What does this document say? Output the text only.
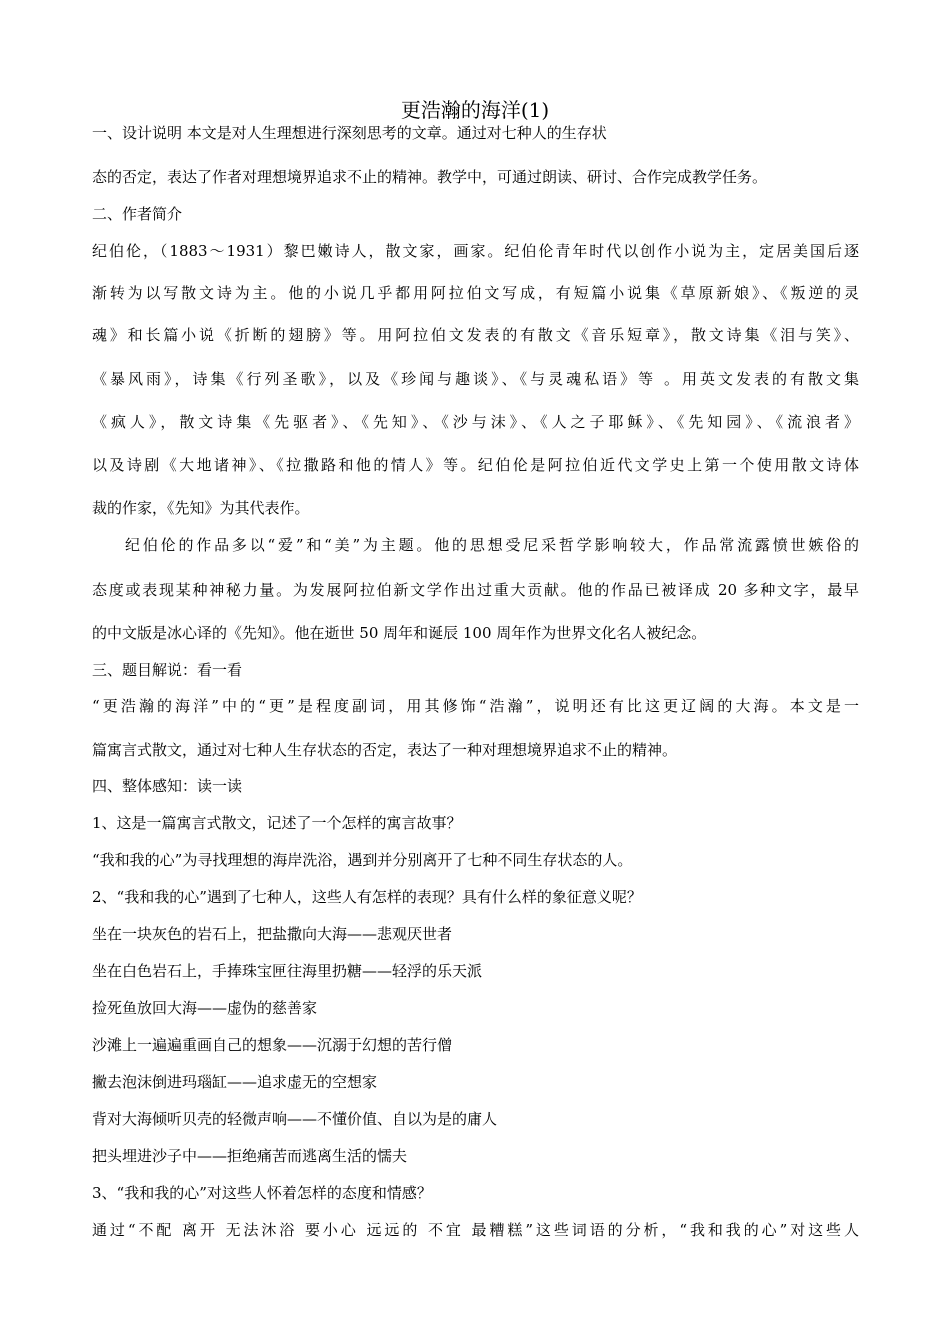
更浩瀚的海洋(1)
一、设计说明 本文是对人生理想进行深刻思考的文章。通过对七种人的生存状
态的否定，表达了作者对理想境界追求不止的精神。教学中，可通过朗读、研讨、合作完成教学任务。
二、作者简介
纪伯伦，（1883～1931）黎巴嫩诗人，散文家，画家。纪伯伦青年时代以创作小说为主，定居美国后逐
渐转为以写散文诗为主。他的小说几乎都用阿拉伯文写成，有短篇小说集《草原新娘》、《叛逆的灵
魂》和长篇小说《折断的翅膀》等。用阿拉伯文发表的有散文《音乐短章》，散文诗集《泪与笑》、
《暴风雨》，诗集《行列圣歌》，以及《珍闻与趣谈》、《与灵魂私语》等 。用英文发表的有散文集
《疯人》，散文诗集《先驱者》、《先知》、《沙与沫》、《人之子耶稣》、《先知园》、《流浪者》
以及诗剧《大地诸神》、《拉撒路和他的情人》等。纪伯伦是阿拉伯近代文学史上第一个使用散文诗体
裁的作家，《先知》为其代表作。
纪伯伦的作品多以“爱”和“美”为主题。他的思想受尼采哲学影响较大，作品常流露愤世嫉俗的
态度或表现某种神秘力量。为发展阿拉伯新文学作出过重大贡献。他的作品已被译成 20 多种文字，最早
的中文版是冰心译的《先知》。他在逝世 50 周年和诞辰 100 周年作为世界文化名人被纪念。
三、题目解说：看一看
“更浩瀚的海洋”中的“更”是程度副词，用其修饰“浩瀚”，说明还有比这更辽阔的大海。本文是一
篇寓言式散文，通过对七种人生存状态的否定，表达了一种对理想境界追求不止的精神。
四、整体感知：读一读
1、这是一篇寓言式散文，记述了一个怎样的寓言故事？
“我和我的心”为寻找理想的海岸洗浴，遇到并分别离开了七种不同生存状态的人。
2、“我和我的心”遇到了七种人，这些人有怎样的表现？具有什么样的象征意义呢？
坐在一块灰色的岩石上，把盐撒向大海——悲观厌世者
坐在白色岩石上，手捧珠宝匣往海里扔糖——轻浮的乐天派
捡死鱼放回大海——虚伪的慈善家
沙滩上一遍遍重画自己的想象——沉溺于幻想的苦行僧
撇去泡沫倒进玛瑙缸——追求虚无的空想家
背对大海倾听贝壳的轻微声响——不懂价值、自以为是的庸人
把头埋进沙子中——拒绝痛苦而逃离生活的懦夫
3、“我和我的心”对这些人怀着怎样的态度和情感？
通过“不配 离开 无法沐浴 要小心 远远的 不宜 最糟糕”这些词语的分析，“我和我的心”对这些人
